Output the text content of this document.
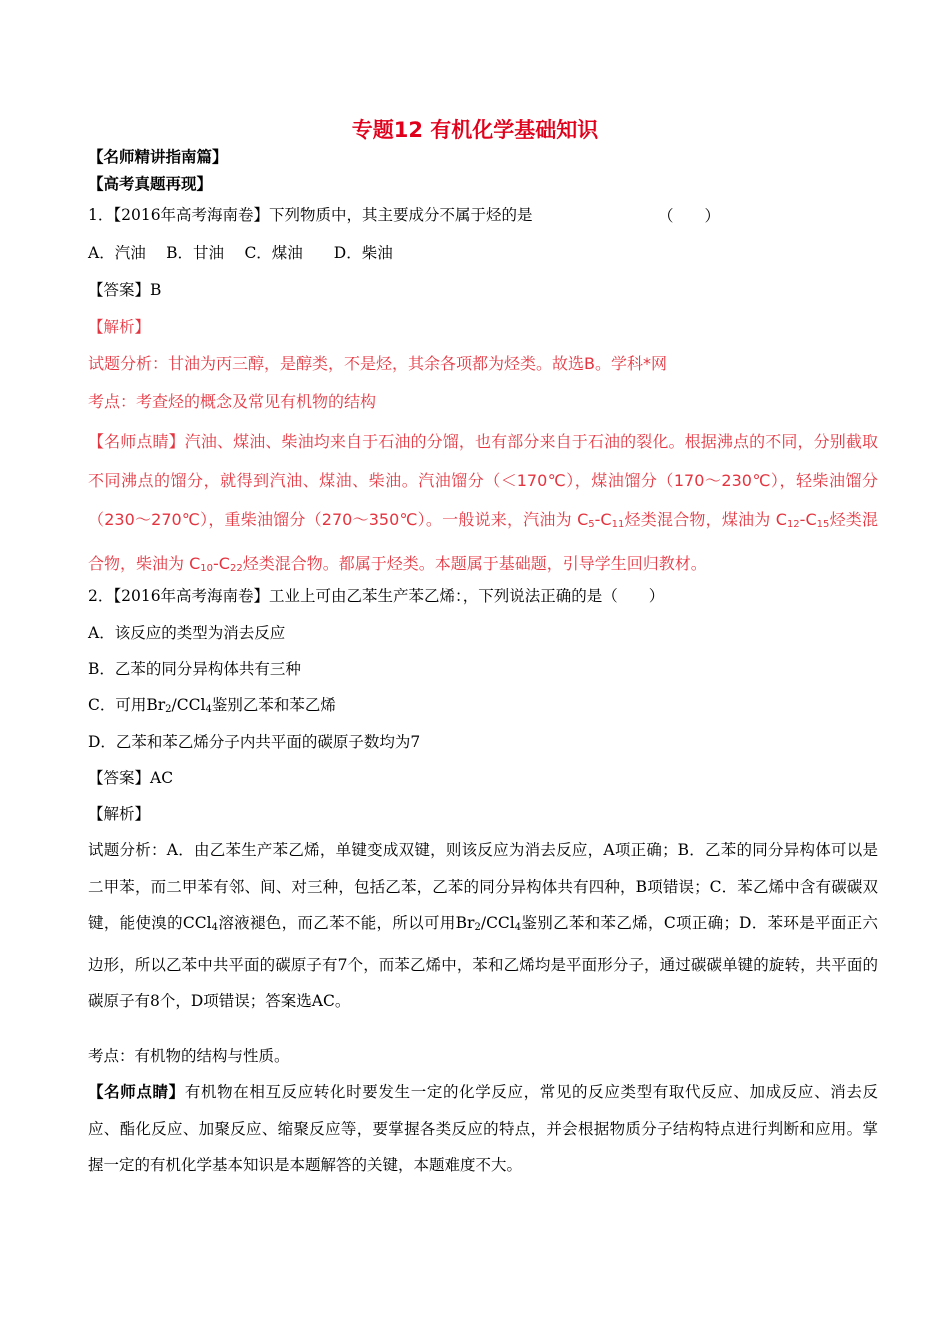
专题12 有机化学基础知识
【名师精讲指南篇】
【高考真题再现】
1．【2016年高考海南卷】下列物质中，其主要成分不属于烃的是	（　　）
A．汽油　 B．甘油　 C．煤油　　D．柴油
【答案】B
【解析】
试题分析：甘油为丙三醇，是醇类，不是烃，其余各项都为烃类。故选B。学科*网
考点：考查烃的概念及常见有机物的结构
【名师点睛】汽油、煤油、柴油均来自于石油的分馏，也有部分来自于石油的裂化。根据沸点的不同，分别截取不同沸点的馏分，就得到汽油、煤油、柴油。汽油馏分（＜170℃），煤油馏分（170～230℃），轻柴油馏分（230～270℃），重柴油馏分（270～350℃）。一般说来，汽油为 $C_5-C_{11}$烃类混合物，煤油为 $C_{12}-C_{15}$烃类混合物，柴油为 $C_{10}-C_{22}$烃类混合物。都属于烃类。本题属于基础题，引导学生回归教材。
2．【2016年高考海南卷】工业上可由乙苯生产苯乙烯：，下列说法正确的是（　　）
A．该反应的类型为消去反应
B．乙苯的同分异构体共有三种
C．可用$Br_2/CCl_4$鉴别乙苯和苯乙烯
D．乙苯和苯乙烯分子内共平面的碳原子数均为7
【答案】AC
【解析】
试题分析：A．由乙苯生产苯乙烯，单键变成双键，则该反应为消去反应，A项正确；B．乙苯的同分异构体可以是二甲苯，而二甲苯有邻、间、对三种，包括乙苯，乙苯的同分异构体共有四种，B项错误；C．苯乙烯中含有碳碳双键，能使溴的CCl$_4$溶液褪色，而乙苯不能，所以可用$Br_2/CCl_4$鉴别乙苯和苯乙烯，C项正确；D．苯环是平面正六边形，所以乙苯中共平面的碳原子有7个，而苯乙烯中，苯和乙烯均是平面形分子，通过碳碳单键的旋转，共平面的碳原子有8个，D项错误；答案选AC。
考点：有机物的结构与性质。
【名师点睛】有机物在相互反应转化时要发生一定的化学反应，常见的反应类型有取代反应、加成反应、消去反应、酯化反应、加聚反应、缩聚反应等，要掌握各类反应的特点，并会根据物质分子结构特点进行判断和应用。掌握一定的有机化学基本知识是本题解答的关键，本题难度不大。
